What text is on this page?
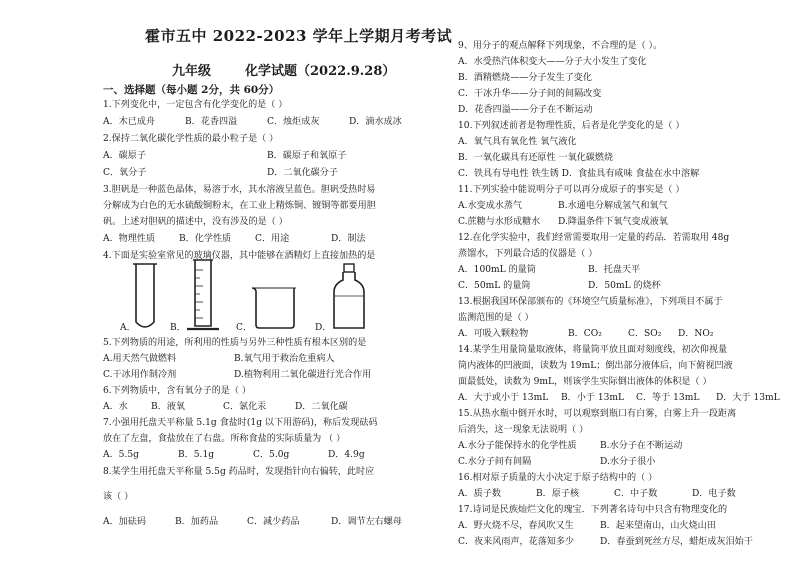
霍市五中 2022-2023 学年上学期月考考试
九年级	化学试题（2022.9.28）
一、选择题（每小题 2分，共 60分）
1.下列变化中，一定包含有化学变化的是（ ）
A．木已成舟	B．花香四溢	C．烛炬成灰	D．滴水成冰
2.保持二氧化碳化学性质的最小粒子是（ ）
A．碳原子	B．碳原子和氧原子
C．氧分子	D．二氧化碳分子
3.胆矾是一种蓝色晶体，易溶于水，其水溶液呈蓝色。胆矾受热时易
分解成为白色的无水硫酸铜粉末，在工业上精炼铜、镀铜等都要用胆
矾。上述对胆矾的描述中，没有涉及的是（ ）
A．物理性质	B．化学性质	C．用途	D．制法
4.下面是实验室常见的玻璃仪器，其中能够在酒精灯上直接加热的是
A．	B．	C．	D．
5.下列物质的用途，所利用的性质与另外三种性质有根本区别的是
A.用天然气做燃料	B.氧气用于救治危重病人
C.干冰用作制冷剂	D.植物利用二氧化碳进行光合作用
6.下列物质中，含有氧分子的是（ ）
A．水	B．液氧	C．氯化汞	D．二氧化碳
7.小强用托盘天平称量 5.1g 食盐时(1g 以下用游码)，称后发现砝码
放在了左盘，食盐放在了右盘。所称食盐的实际质量为 （ ）
A．5.5g	B．5.1g	C．5.0g	D．4.9g
8.某学生用托盘天平称量 5.5g 药品时，发现指针向右偏转，此时应
该（ ）
A．加砝码	B．加药品	C．减少药品	D．调节左右螺母
9、用分子的观点解释下列现象，不合理的是（ ）。
A．水受热汽体积变大——分子大小发生了变化
B．酒精燃烧——分子发生了变化
C．干冰升华——分子间的间隔改变
D．花香四溢——分子在不断运动
10.下列叙述前者是物理性质，后者是化学变化的是（ ）
A．氧气具有氧化性 氧气液化
B．一氧化碳具有还原性 一氧化碳燃烧
C．铁具有导电性 铁生锈 D．食盐具有咸味 食盐在水中溶解
11.下列实验中能说明分子可以再分成原子的事实是（ ）
A.水变成水蒸气	B.水通电分解成氢气和氧气
C.蔗糖与水形成糖水 D.降温条件下氧气变成液氧
12.在化学实验中，我们经常需要取用一定量的药品．若需取用 48g
蒸馏水，下列最合适的仪器是（ ）
A．100mL 的量筒	B．托盘天平
C．50mL 的量筒	D．50mL 的烧杯
13.根据我国环保部颁布的《环境空气质量标准》，下列项目不属于
监测范围的是（ ）
A．可吸入颗粒物	B．CO₂	C．SO₂ D．NO₂
14.某学生用量筒量取液体，将量筒平放且面对刻度线，初次仰视量
筒内液体的凹液面，读数为 19mL；倒出部分液体后，向下俯视凹液
面最低处，读数为 9mL，则该学生实际倒出液体的体积是（ ）
A．大于或小于 13mL B．小于 13mL C．等于 13mL D．大于 13mL
15.从热水瓶中倒开水时，可以观察到瓶口有白雾，白雾上升一段距离
后消失，这一现象无法说明（ ）
A.水分子能保持水的化学性质	B.水分子在不断运动
C.水分子间有间隔	D.水分子很小
16.相对原子质量的大小决定于原子结构中的（ ）
A．质子数	B．原子核	C．中子数	D．电子数
17.诗词是民族灿烂文化的瑰宝．下列著名诗句中只含有物理变化的
A．野火烧不尽，春风吹又生	B．起来望南山，山火烧山田
C．夜来风雨声，花落知多少	D．春蚕到死丝方尽，蜡炬成灰泪始干
